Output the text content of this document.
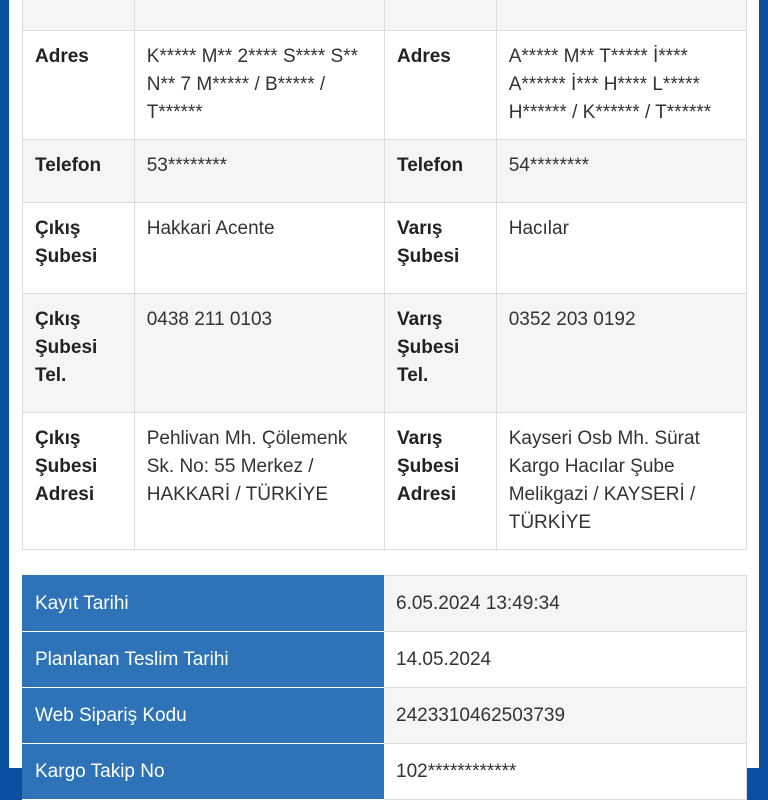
Adres	K***** M** 2**** S**** S** N** 7 M***** / B***** / T******	Adres	A***** M** T***** İ**** A****** İ*** H**** L***** H****** / K****** / T******
Telefon	53********	Telefon	54********
Çıkış Şubesi	Hakkari Acente	Varış Şubesi	Hacılar
Çıkış Şubesi Tel.	0438 211 0103	Varış Şubesi Tel.	0352 203 0192
Çıkış Şubesi Adresi	Pehlivan Mh. Çölemenk Sk. No: 55 Merkez / HAKKARİ / TÜRKİYE	Varış Şubesi Adresi	Kayseri Osb Mh. Sürat Kargo Hacılar Şube Melikgazi / KAYSERİ / TÜRKİYE
Kayıt Tarihi	6.05.2024 13:49:34
Planlanan Teslim Tarihi	14.05.2024
Web Sipariş Kodu	2423310462503739
Kargo Takip No	102************
